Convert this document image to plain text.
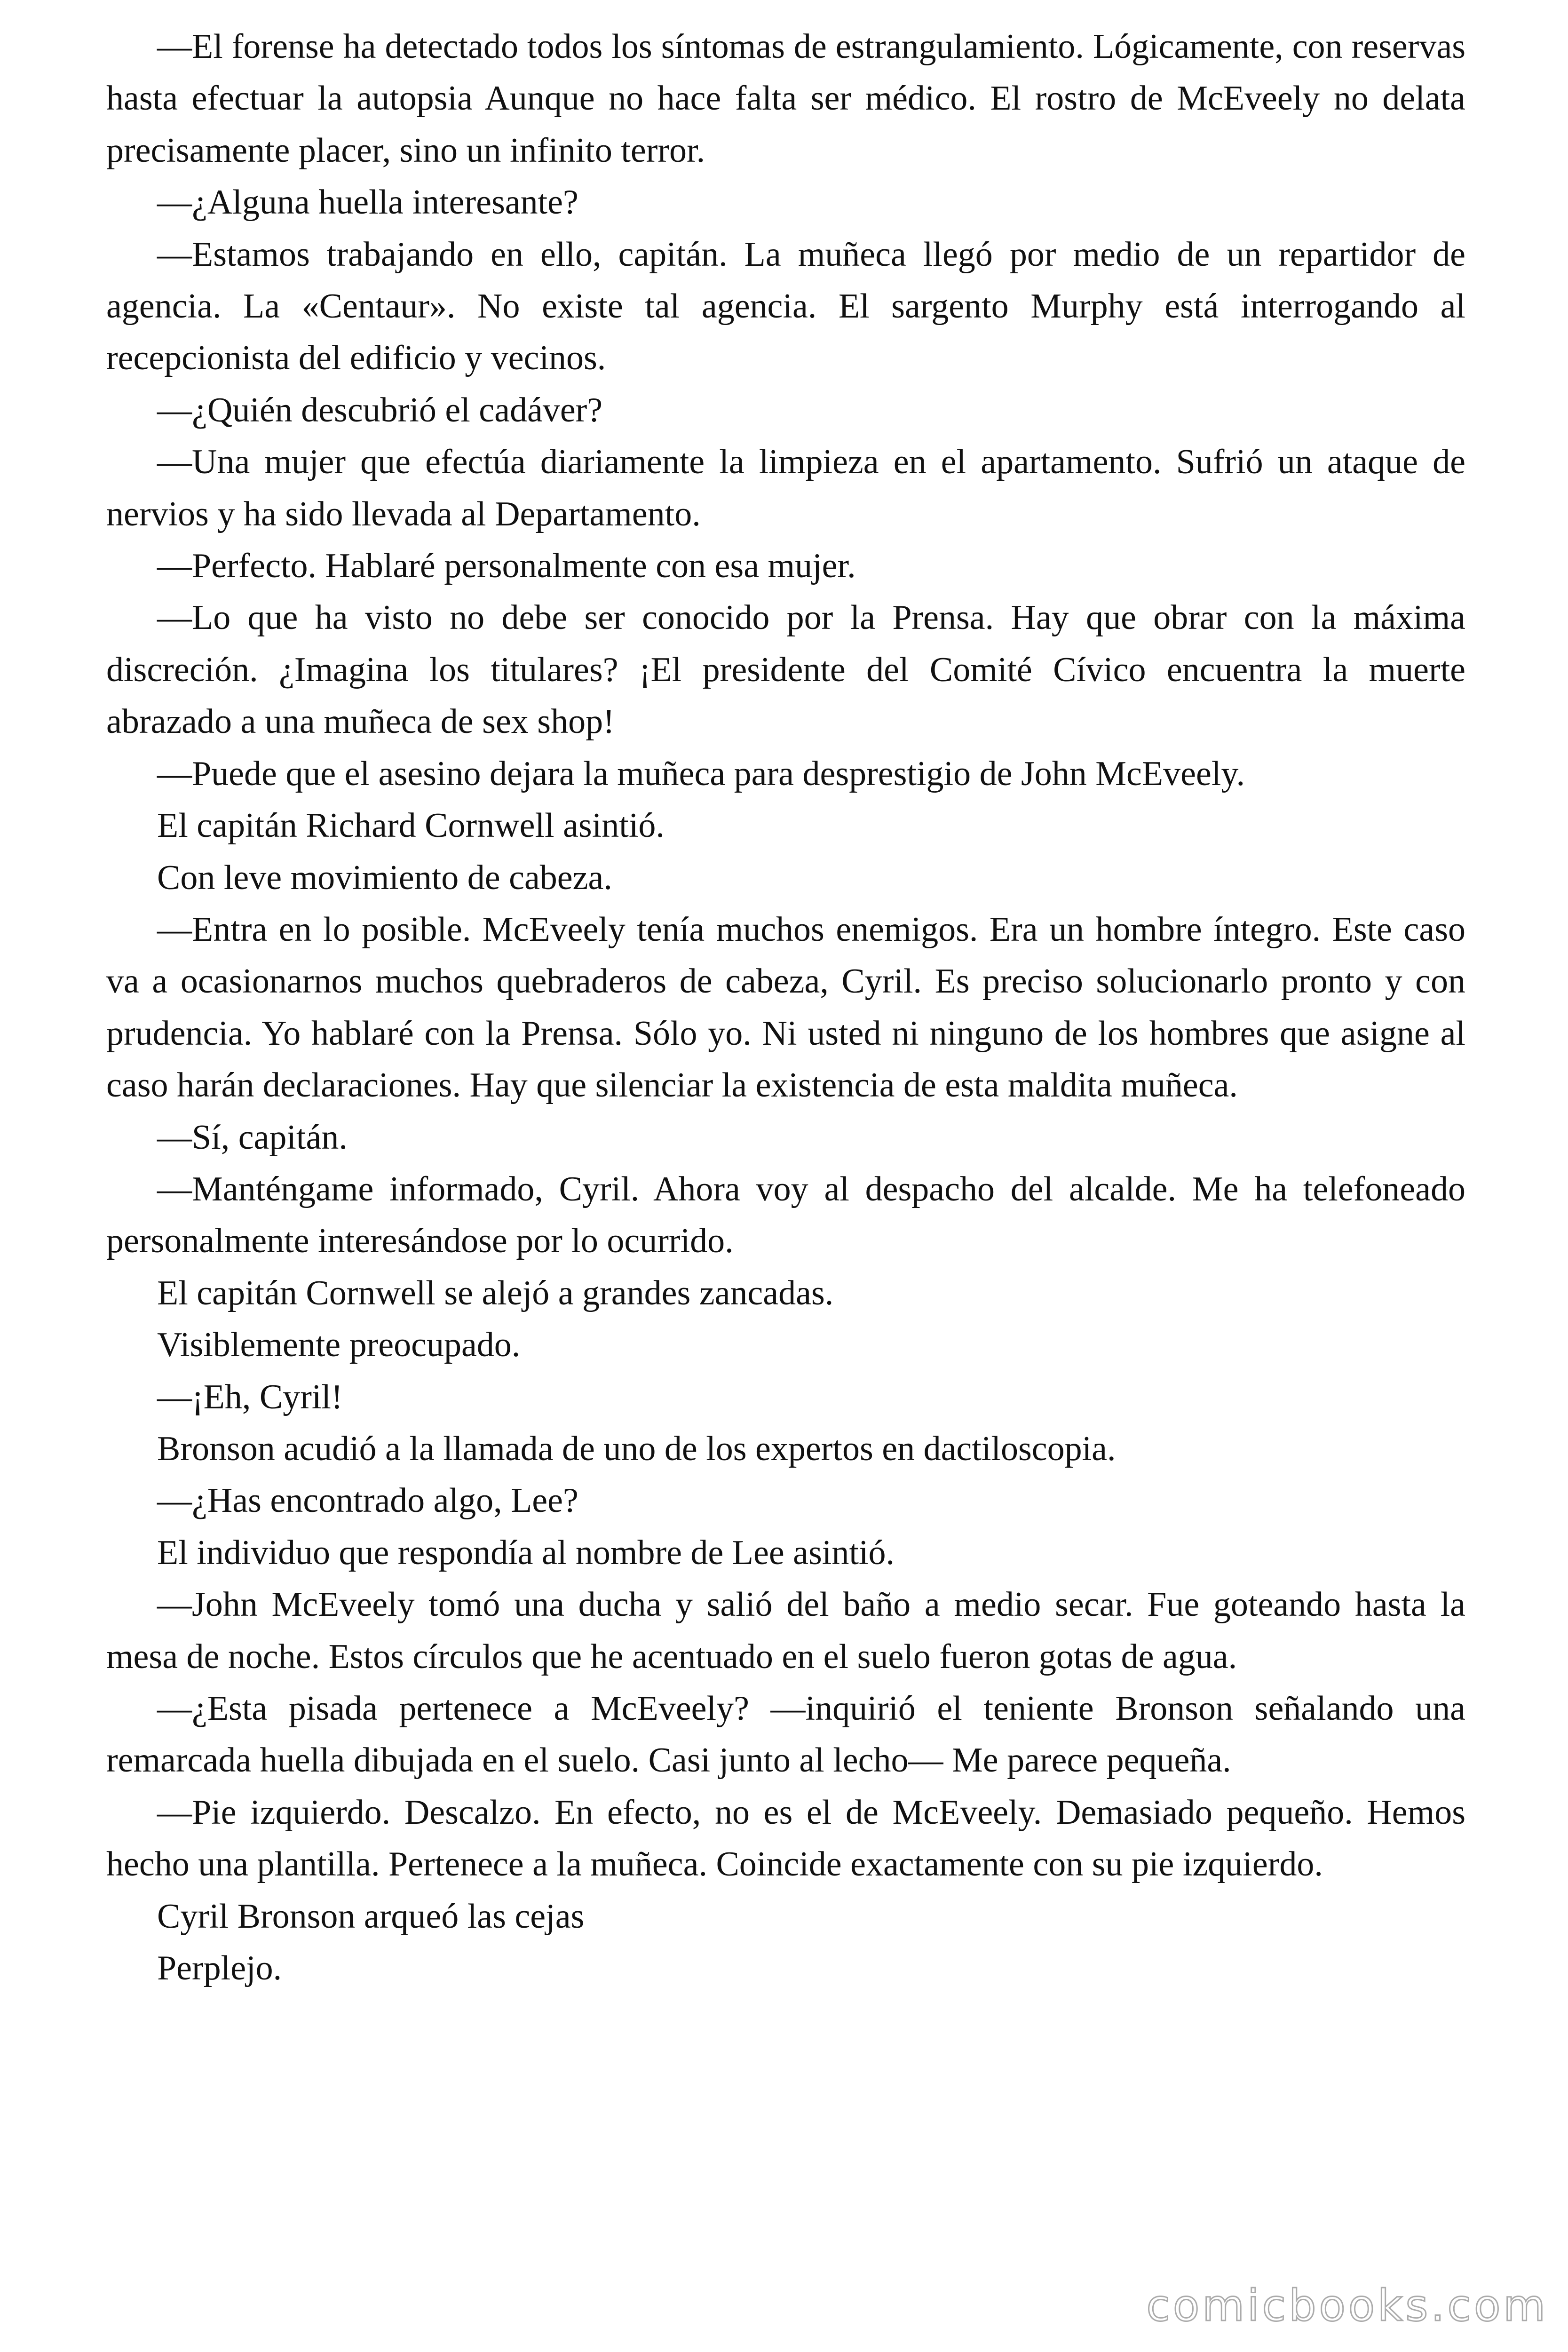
—El forense ha detectado todos los síntomas de estrangulamiento. Lógicamente, con reservas hasta efectuar la autopsia Aunque no hace falta ser médico. El rostro de McEveely no delata precisamente placer, sino un infinito terror.

—¿Alguna huella interesante?

—Estamos trabajando en ello, capitán. La muñeca llegó por medio de un repartidor de agencia. La «Centaur». No existe tal agencia. El sargento Murphy está interrogando al recepcionista del edificio y vecinos.

—¿Quién descubrió el cadáver?

—Una mujer que efectúa diariamente la limpieza en el apartamento. Sufrió un ataque de nervios y ha sido llevada al Departamento.

—Perfecto. Hablaré personalmente con esa mujer.

—Lo que ha visto no debe ser conocido por la Prensa. Hay que obrar con la máxima discreción. ¿Imagina los titulares? ¡El presidente del Comité Cívico encuentra la muerte abrazado a una muñeca de sex shop!

—Puede que el asesino dejara la muñeca para desprestigio de John McEveely.

El capitán Richard Cornwell asintió.

Con leve movimiento de cabeza.

—Entra en lo posible. McEveely tenía muchos enemigos. Era un hombre íntegro. Este caso va a ocasionarnos muchos quebraderos de cabeza, Cyril. Es preciso solucionarlo pronto y con prudencia. Yo hablaré con la Prensa. Sólo yo. Ni usted ni ninguno de los hombres que asigne al caso harán declaraciones. Hay que silenciar la existencia de esta maldita muñeca.

—Sí, capitán.

—Manténgame informado, Cyril. Ahora voy al despacho del alcalde. Me ha telefoneado personalmente interesándose por lo ocurrido.

El capitán Cornwell se alejó a grandes zancadas.

Visiblemente preocupado.

—¡Eh, Cyril!

Bronson acudió a la llamada de uno de los expertos en dactiloscopia.

—¿Has encontrado algo, Lee?

El individuo que respondía al nombre de Lee asintió.

—John McEveely tomó una ducha y salió del baño a medio secar. Fue goteando hasta la mesa de noche. Estos círculos que he acentuado en el suelo fueron gotas de agua.

—¿Esta pisada pertenece a McEveely? —inquirió el teniente Bronson señalando una remarcada huella dibujada en el suelo. Casi junto al lecho— Me parece pequeña.

—Pie izquierdo. Descalzo. En efecto, no es el de McEveely. Demasiado pequeño. Hemos hecho una plantilla. Pertenece a la muñeca. Coincide exactamente con su pie izquierdo.

Cyril Bronson arqueó las cejas

Perplejo.

comicbooks.com
